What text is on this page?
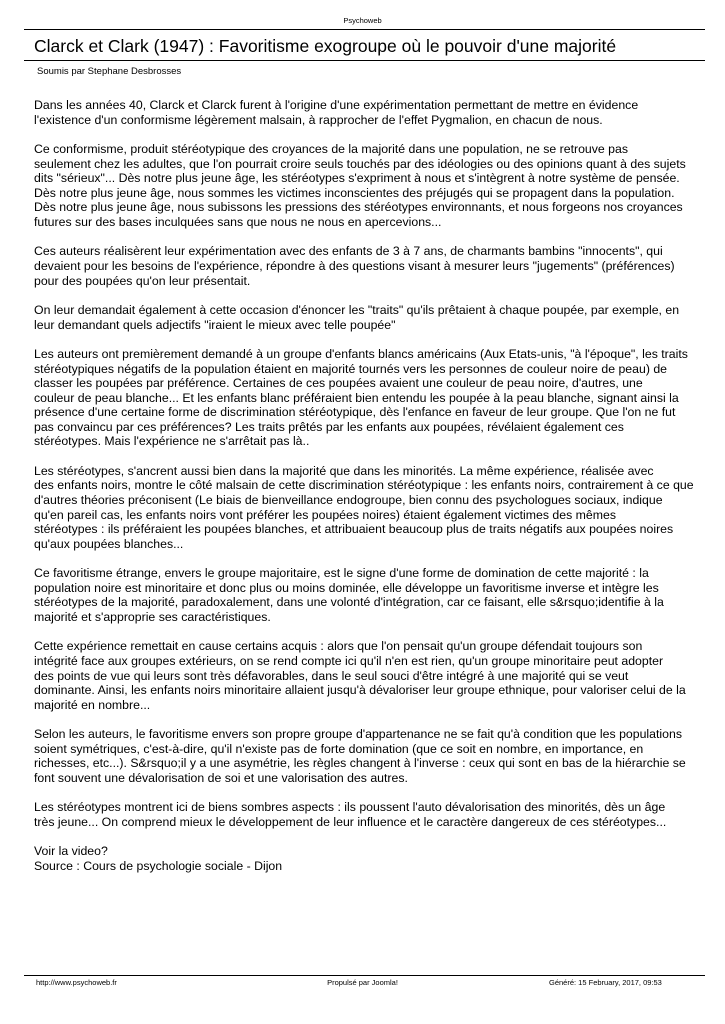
Psychoweb
Clarck et Clark (1947) : Favoritisme exogroupe où le pouvoir d'une majorité
Soumis par Stephane Desbrosses

Dans les années 40, Clarck et Clarck furent à l'origine d'une expérimentation permettant de mettre en évidence
l'existence d'un conformisme légèrement malsain, à rapprocher de l'effet Pygmalion, en chacun de nous.

Ce conformisme, produit stéréotypique des croyances de la majorité dans une population, ne se retrouve pas
seulement chez les adultes, que l'on pourrait croire seuls touchés par des idéologies ou des opinions quant à des sujets
dits "sérieux"... Dès notre plus jeune âge, les stéréotypes s'expriment à nous et s'intègrent à notre système de pensée.
Dès notre plus jeune âge, nous sommes les victimes inconscientes des préjugés qui se propagent dans la population.
Dès notre plus jeune âge, nous subissons les pressions des stéréotypes environnants, et nous forgeons nos croyances
futures sur des bases inculquées sans que nous ne nous en apercevions...

Ces auteurs réalisèrent leur expérimentation avec des enfants de 3 à 7 ans, de charmants bambins "innocents", qui
devaient pour les besoins de l'expérience, répondre à des questions visant à mesurer leurs "jugements" (préférences)
pour des poupées qu'on leur présentait.

On leur demandait également à cette occasion d'énoncer les "traits" qu'ils prêtaient à chaque poupée, par exemple, en
leur demandant quels adjectifs "iraient le mieux avec telle poupée"

Les auteurs ont premièrement demandé à un groupe d'enfants blancs américains (Aux Etats-unis, "à l'époque", les traits
stéréotypiques négatifs de la population étaient en majorité tournés vers les personnes de couleur noire de peau) de
classer les poupées par préférence. Certaines de ces poupées avaient une couleur de peau noire, d'autres, une
couleur de peau blanche... Et les enfants blanc préféraient bien entendu les poupée à la peau blanche, signant ainsi la
présence d'une certaine forme de discrimination stéréotypique, dès l'enfance en faveur de leur groupe. Que l'on ne fut
pas convaincu par ces préférences? Les traits prêtés par les enfants aux poupées, révélaient également ces
stéréotypes. Mais l'expérience ne s'arrêtait pas là..

Les stéréotypes, s'ancrent aussi bien dans la majorité que dans les minorités. La même expérience, réalisée avec
des enfants noirs, montre le côté malsain de cette discrimination stéréotypique : les enfants noirs, contrairement à ce que
d'autres théories préconisent (Le biais de bienveillance endogroupe, bien connu des psychologues sociaux, indique
qu'en pareil cas, les enfants noirs vont préférer les poupées noires) étaient également victimes des mêmes
stéréotypes : ils préféraient les poupées blanches, et attribuaient beaucoup plus de traits négatifs aux poupées noires
qu'aux poupées blanches...

Ce favoritisme étrange, envers le groupe majoritaire, est le signe d'une forme de domination de cette majorité : la
population noire est minoritaire et donc plus ou moins dominée, elle développe un favoritisme inverse et intègre les
stéréotypes de la majorité, paradoxalement, dans une volonté d'intégration, car ce faisant, elle s&rsquo;identifie à la
majorité et s'approprie ses caractéristiques.

Cette expérience remettait en cause certains acquis : alors que l'on pensait qu'un groupe défendait toujours son
intégrité face aux groupes extérieurs, on se rend compte ici qu'il n'en est rien, qu'un groupe minoritaire peut adopter
des points de vue qui leurs sont très défavorables, dans le seul souci d'être intégré à une majorité qui se veut
dominante. Ainsi, les enfants noirs minoritaire allaient jusqu'à dévaloriser leur groupe ethnique, pour valoriser celui de la
majorité en nombre...

Selon les auteurs, le favoritisme envers son propre groupe d'appartenance ne se fait qu'à condition que les populations
soient symétriques, c'est-à-dire, qu'il n'existe pas de forte domination (que ce soit en nombre, en importance, en
richesses, etc...). S&rsquo;il y a une asymétrie, les règles changent à l'inverse : ceux qui sont en bas de la hiérarchie se
font souvent une dévalorisation de soi et une valorisation des autres.

Les stéréotypes montrent ici de biens sombres aspects : ils poussent l'auto dévalorisation des minorités, dès un âge
très jeune... On comprend mieux le développement de leur influence et le caractère dangereux de ces stéréotypes...

Voir la video?
Source : Cours de psychologie sociale - Dijon
Propulsé par Joomla!
http://www.psychoweb.fr	Généré: 15 February, 2017, 09:53
